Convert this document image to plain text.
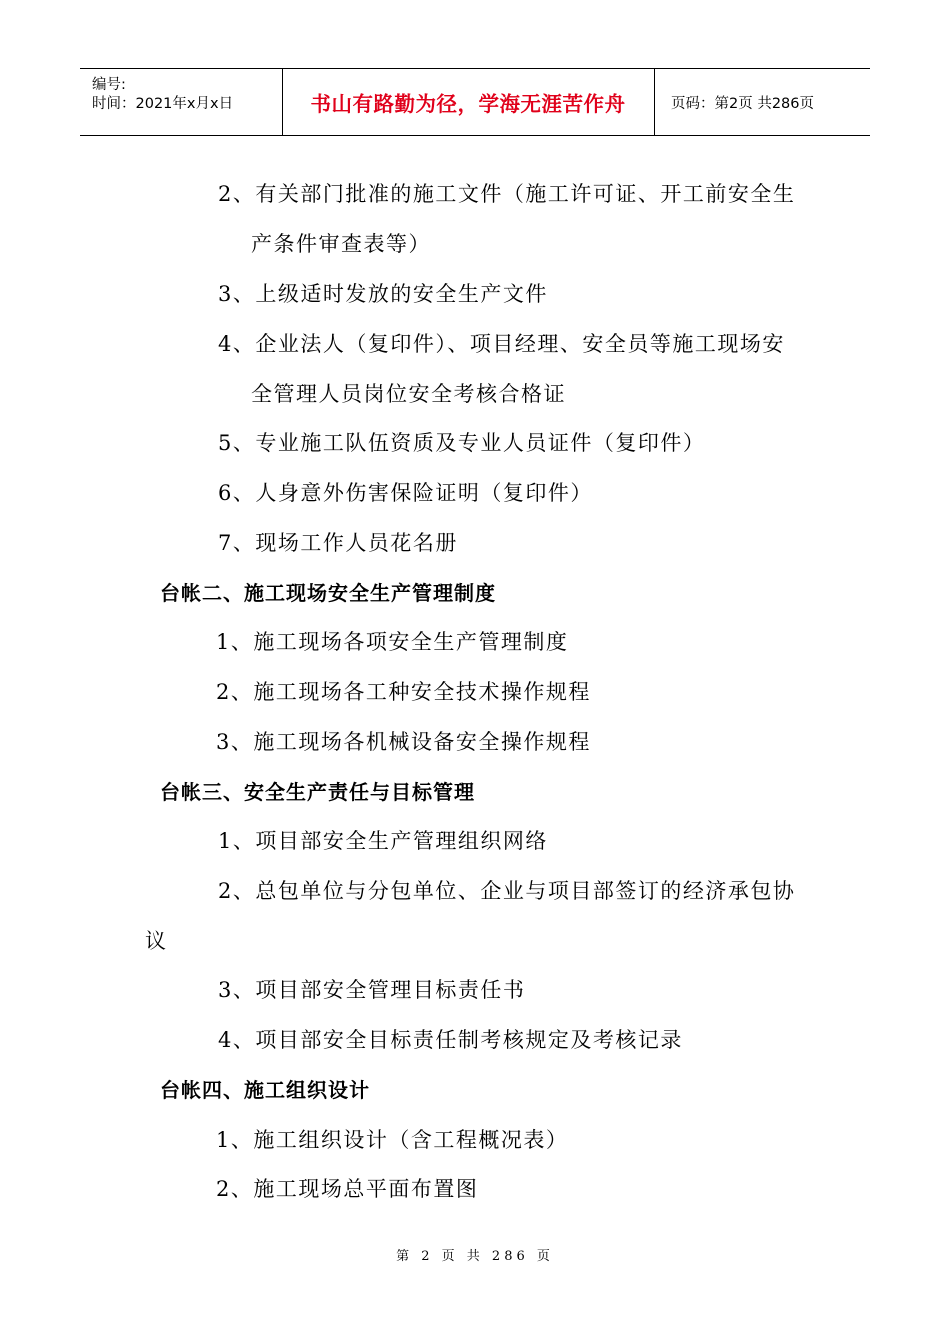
编号:
时间：2021年x月x日	书山有路勤为径，学海无涯苦作舟	页码：第2页 共286页
2、有关部门批准的施工文件（施工许可证、开工前安全生
产条件审查表等）
3、上级适时发放的安全生产文件
4、企业法人（复印件）、项目经理、安全员等施工现场安
全管理人员岗位安全考核合格证
5、专业施工队伍资质及专业人员证件（复印件）
6、人身意外伤害保险证明（复印件）
7、现场工作人员花名册
台帐二、施工现场安全生产管理制度
1、施工现场各项安全生产管理制度
2、施工现场各工种安全技术操作规程
3、施工现场各机械设备安全操作规程
台帐三、安全生产责任与目标管理
1、项目部安全生产管理组织网络
2、总包单位与分包单位、企业与项目部签订的经济承包协
议
3、项目部安全管理目标责任书
4、项目部安全目标责任制考核规定及考核记录
台帐四、施工组织设计
1、施工组织设计（含工程概况表）
2、施工现场总平面布置图
第 2 页 共 286 页
